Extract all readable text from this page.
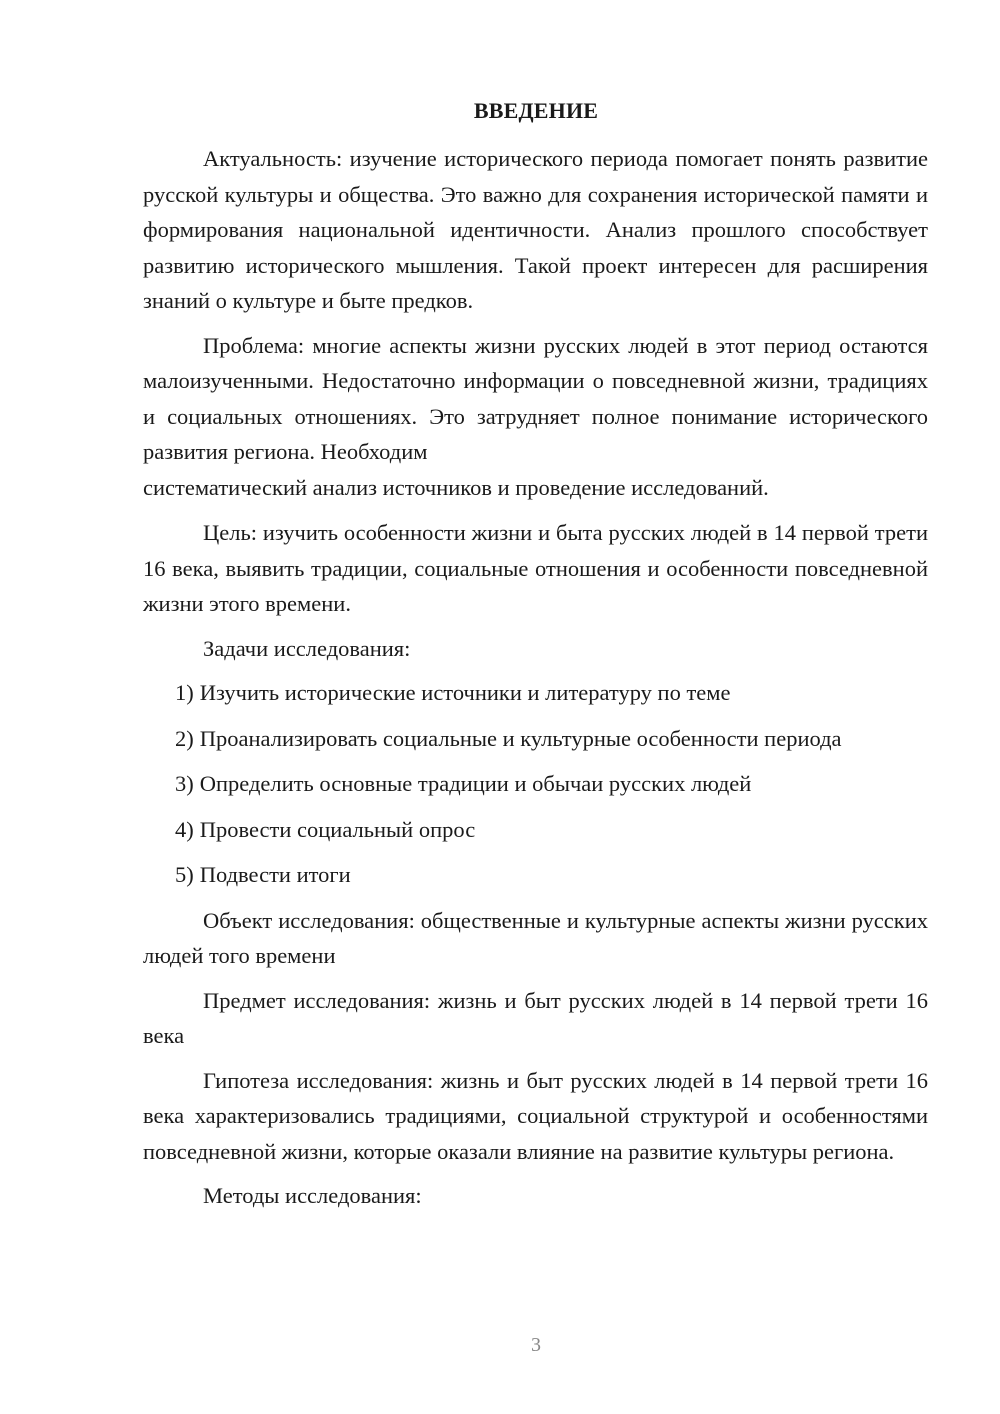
ВВЕДЕНИЕ

Актуальность: изучение исторического периода помогает понять развитие русской культуры и общества. Это важно для сохранения исторической памяти и формирования национальной идентичности. Анализ прошлого способствует развитию исторического мышления. Такой проект интересен для расширения знаний о культуре и быте предков.

Проблема: многие аспекты жизни русских людей в этот период остаются малоизученными. Недостаточно информации о повседневной жизни, традициях и социальных отношениях. Это затрудняет полное понимание исторического развития региона. Необходим
систематический анализ источников и проведение исследований.

Цель: изучить особенности жизни и быта русских людей в 14 первой трети 16 века, выявить традиции, социальные отношения и особенности повседневной жизни этого времени.

Задачи исследования:

1) Изучить исторические источники и литературу по теме
2) Проанализировать социальные и культурные особенности периода
3) Определить основные традиции и обычаи русских людей
4) Провести социальный опрос
5) Подвести итоги

Объект исследования: общественные и культурные аспекты жизни русских людей того времени

Предмет исследования: жизнь и быт русских людей в 14 первой трети 16 века

Гипотеза исследования: жизнь и быт русских людей в 14 первой трети 16 века характеризовались традициями, социальной структурой и особенностями повседневной жизни, которые оказали влияние на развитие культуры региона.

Методы исследования:

3
